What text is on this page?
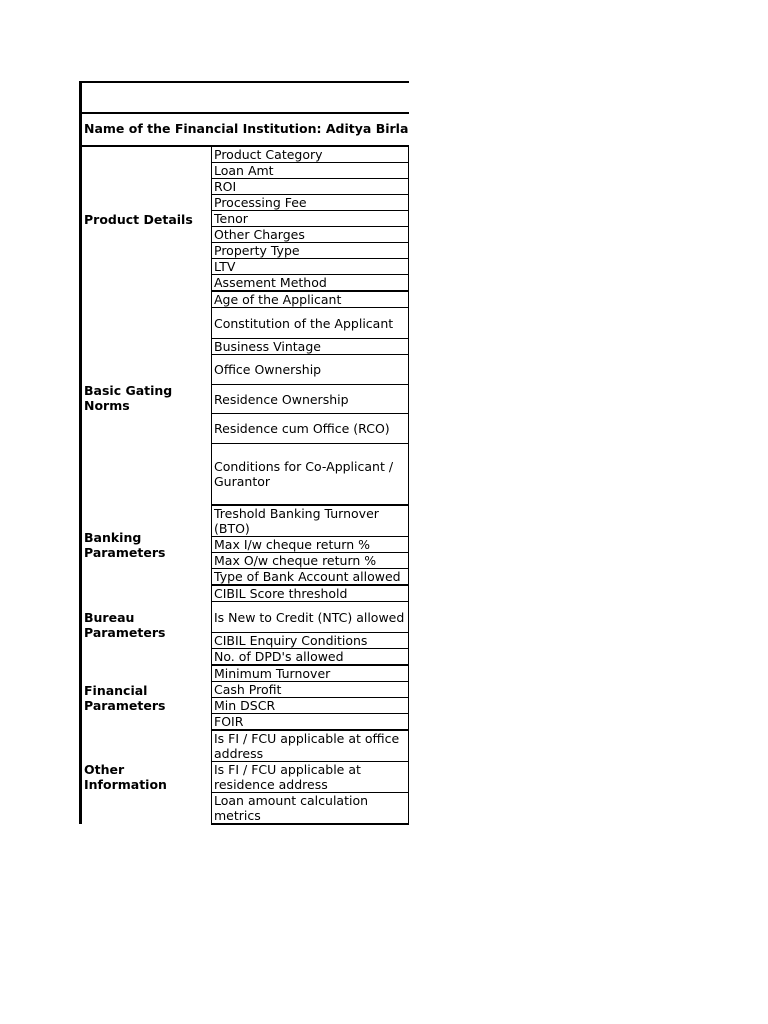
Name of the Financial Institution: Aditya Birla
Product Details	Product Category
	Loan Amt
	ROI
	Processing Fee
	Tenor
	Other Charges
	Property Type
	LTV
	Assement Method
Basic Gating Norms	Age of the Applicant
	Constitution of the Applicant
	Business Vintage
	Office Ownership
	Residence Ownership
	Residence cum Office (RCO)
	Conditions for Co-Applicant / Gurantor
Banking Parameters	Treshold Banking Turnover (BTO)
	Max I/w cheque return %
	Max O/w cheque return %
	Type of Bank Account allowed
Bureau Parameters	CIBIL Score threshold
	Is New to Credit (NTC) allowed
	CIBIL Enquiry Conditions
	No. of DPD's allowed
Financial Parameters	Minimum Turnover
	Cash Profit
	Min DSCR
	FOIR
Other Information	Is FI / FCU applicable at office address
	Is FI / FCU applicable at residence address
	Loan amount calculation metrics
